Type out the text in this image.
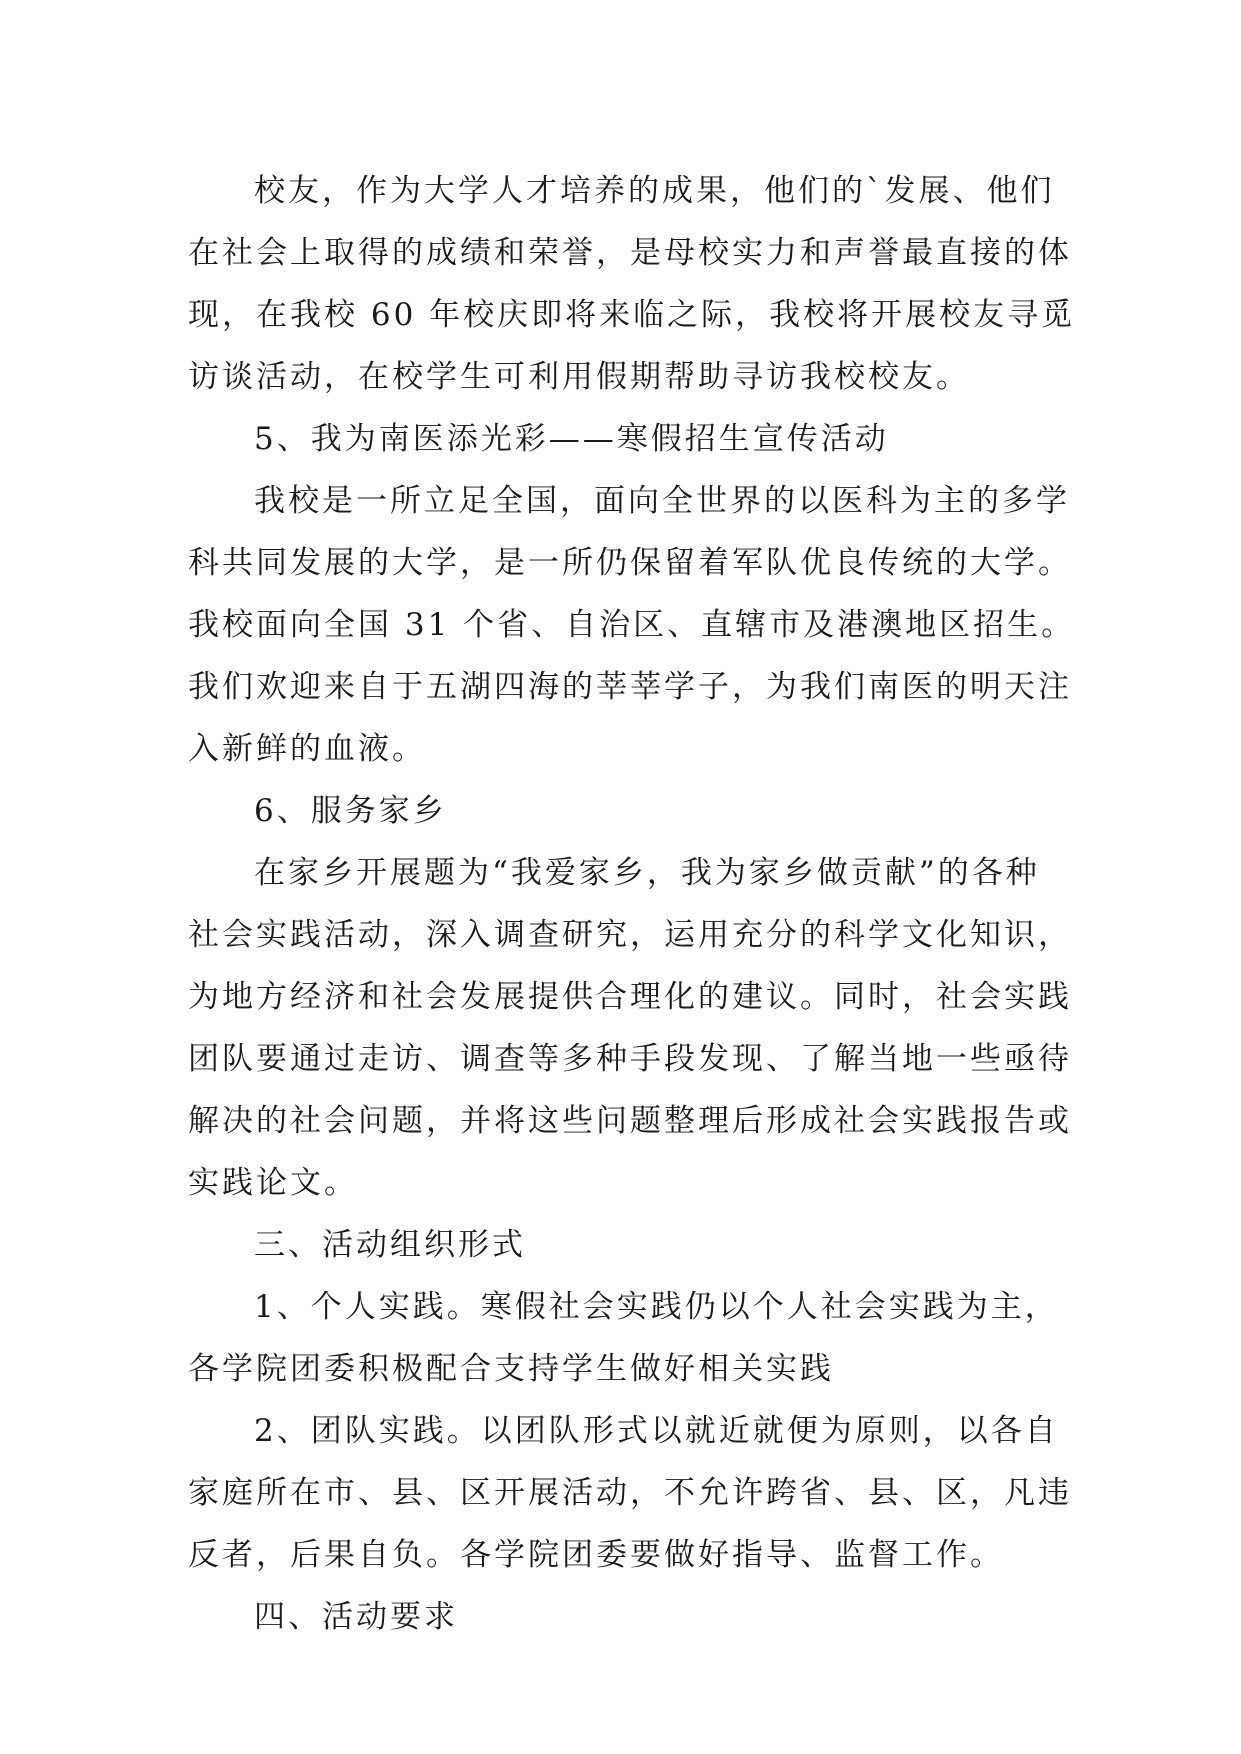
校友，作为大学人才培养的成果，他们的`发展、他们
在社会上取得的成绩和荣誉，是母校实力和声誉最直接的体
现，在我校 60 年校庆即将来临之际，我校将开展校友寻觅
访谈活动，在校学生可利用假期帮助寻访我校校友。
5、我为南医添光彩——寒假招生宣传活动
我校是一所立足全国，面向全世界的以医科为主的多学
科共同发展的大学，是一所仍保留着军队优良传统的大学。
我校面向全国 31 个省、自治区、直辖市及港澳地区招生。
我们欢迎来自于五湖四海的莘莘学子，为我们南医的明天注
入新鲜的血液。
6、服务家乡
在家乡开展题为“我爱家乡，我为家乡做贡献”的各种
社会实践活动，深入调查研究，运用充分的科学文化知识，
为地方经济和社会发展提供合理化的建议。同时，社会实践
团队要通过走访、调查等多种手段发现、了解当地一些亟待
解决的社会问题，并将这些问题整理后形成社会实践报告或
实践论文。
三、活动组织形式
1、个人实践。寒假社会实践仍以个人社会实践为主，
各学院团委积极配合支持学生做好相关实践
2、团队实践。以团队形式以就近就便为原则，以各自
家庭所在市、县、区开展活动，不允许跨省、县、区，凡违
反者，后果自负。各学院团委要做好指导、监督工作。
四、活动要求
